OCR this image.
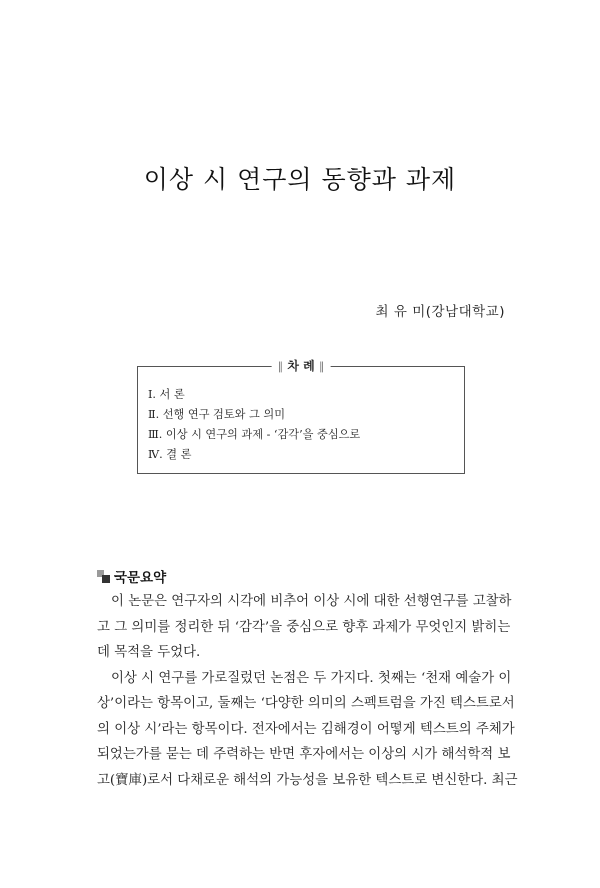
이상 시 연구의 동향과 과제
최 유 미(강남대학교)
∥ 차 례 ∥
Ⅰ. 서 론
Ⅱ. 선행 연구 검토와 그 의미
Ⅲ. 이상 시 연구의 과제 - ‘감각’을 중심으로
Ⅳ. 결 론
국문요약
이 논문은 연구자의 시각에 비추어 이상 시에 대한 선행연구를 고찰하
고 그 의미를 정리한 뒤 ‘감각’을 중심으로 향후 과제가 무엇인지 밝히는
데 목적을 두었다.
이상 시 연구를 가로질렀던 논점은 두 가지다. 첫째는 ‘천재 예술가 이
상’이라는 항목이고, 둘째는 ‘다양한 의미의 스펙트럼을 가진 텍스트로서
의 이상 시’라는 항목이다. 전자에서는 김해경이 어떻게 텍스트의 주체가
되었는가를 묻는 데 주력하는 반면 후자에서는 이상의 시가 해석학적 보
고(寶庫)로서 다채로운 해석의 가능성을 보유한 텍스트로 변신한다. 최근
